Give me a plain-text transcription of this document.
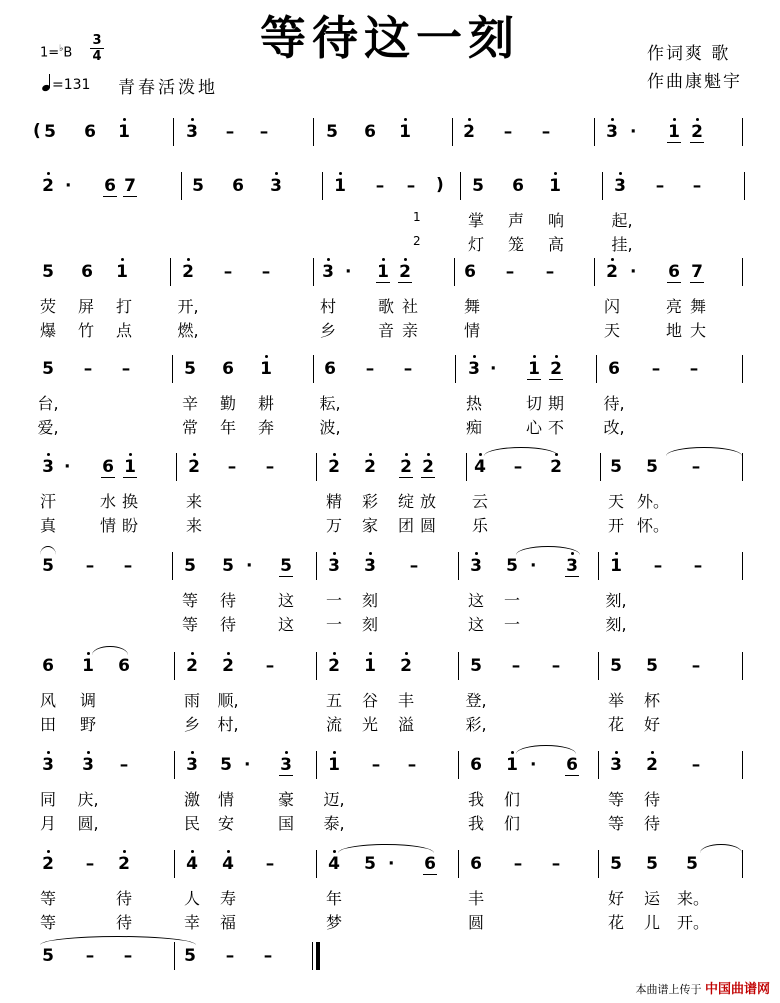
等待这一刻
1=♭B
3
4
=131 青春活泼地
作词爽 歌
作曲康魁宇
( 5 6 1	3 – –	5 6 1	2 – –	3 · 1 2
2 · 6 7	5 6 3	1 – – ) 5 6 1	3 – –
5 6 1	2 – –	3 · 1 2	6 – –	2 · 6 7
5 – –	5 6 1	6 – –	3 · 1 2	6 – –
3 · 6 1	2 – –	2 2 2 2 4 – 2	5 5 –
5 – –	5 5 · 5 3 3 –	3 5 · 3 1 – –
6 1 6	2 2 –	2 1 2	5 – –	5 5 –
3 3 –	3 5 · 3 1 – –	6 1 · 6 3 2 –
2 – 2	4 4 –	4 5 · 6 6 – –	5 5 5
5 – –	5 – –
1	掌	声	响	起,
2	灯	笼	高	挂,
荧	屏	打	开,	村	歌 社	舞	闪	亮 舞
爆	竹	点	燃,	乡	音 亲	情	天	地 大
台,	辛	勤	耕	耘,	热	切 期	待,
爱,	常	年	奔	波,	痴	心 不	改,
汗	水 换	来	精	彩	绽 放	云	天 外。
真	情 盼	来	万	家	团 圆	乐	开 怀。
等	待	这	一	刻	这	一	刻,
等	待	这	一	刻	这	一	刻,
风	调	雨	顺,	五	谷	丰	登,	举	杯
田	野	乡	村,	流	光	溢	彩,	花	好
同	庆,	激	情	豪	迈,	我	们	等	待
月	圆,	民	安	国	泰,	我	们	等	待
等	待	人	寿	年	丰	好	运	来。
等	待	幸	福	梦	圆	花	儿	开。
本曲谱上传于 中国曲谱网
